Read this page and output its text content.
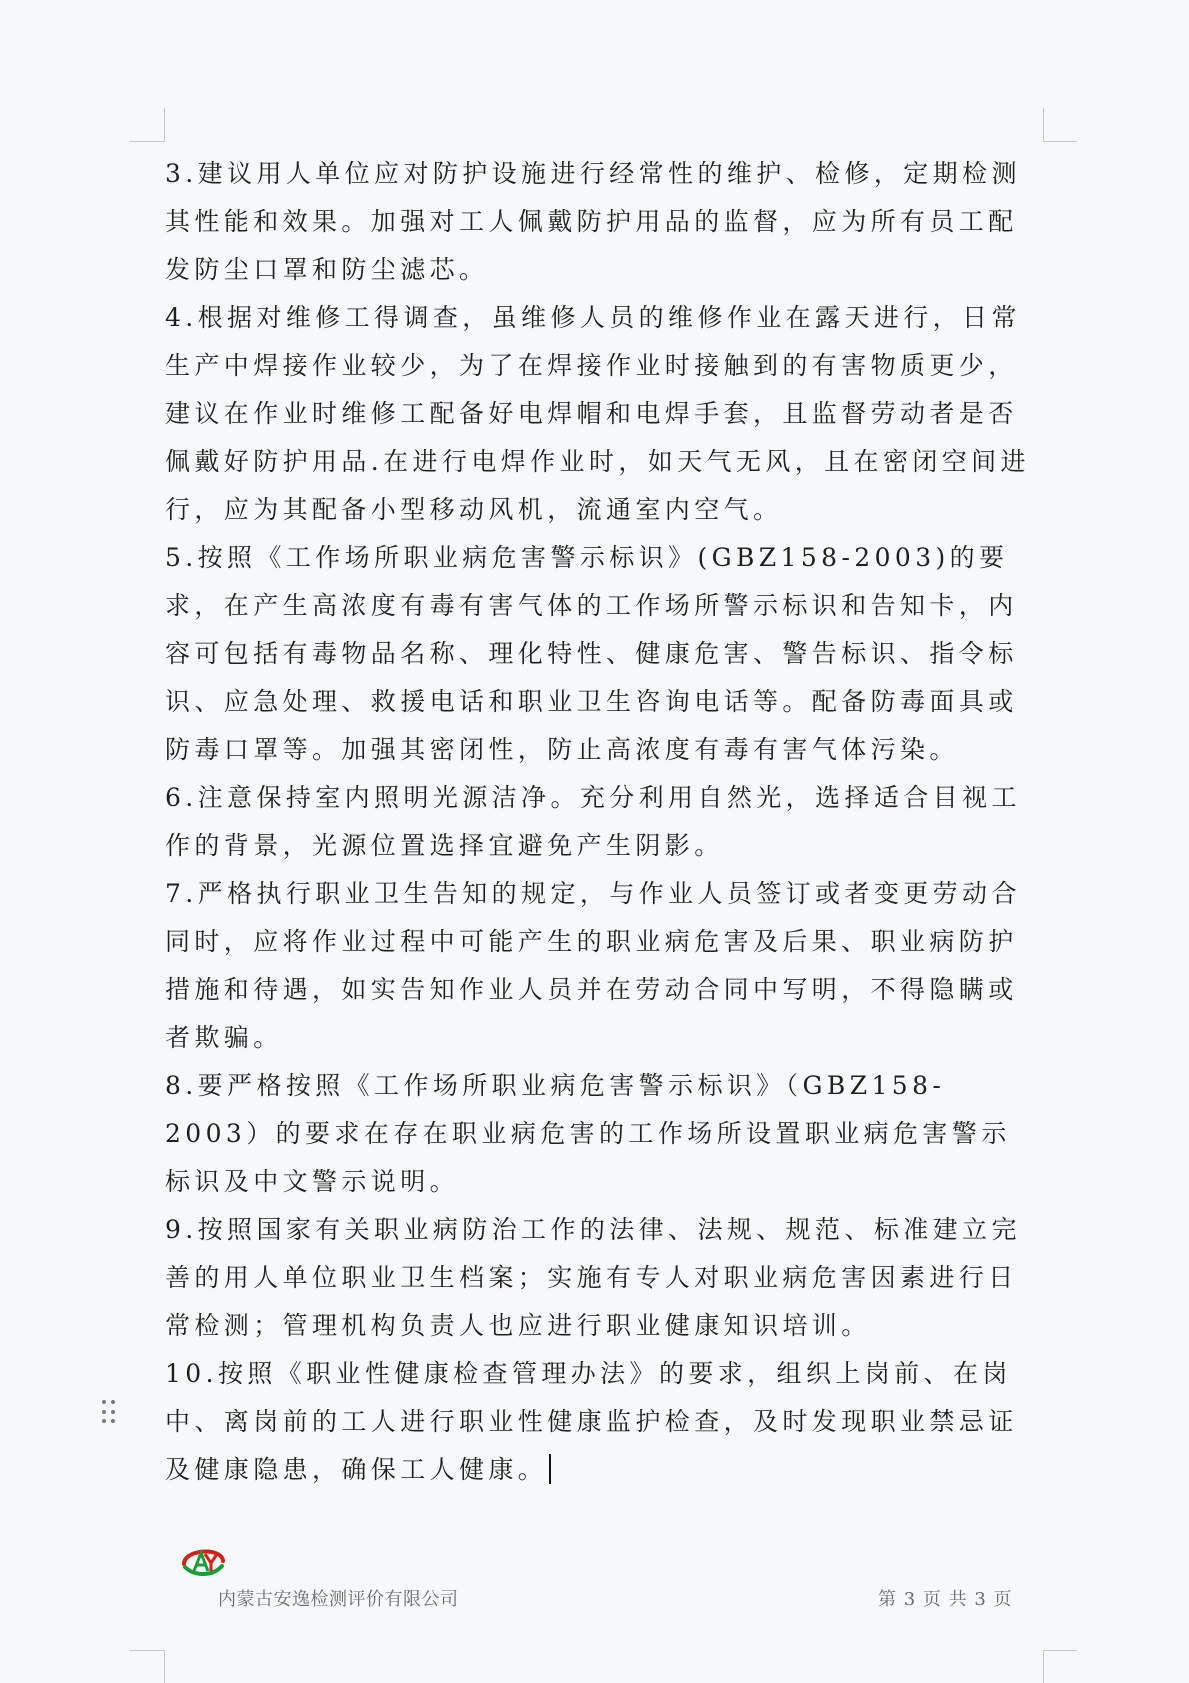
3.建议用人单位应对防护设施进行经常性的维护、检修，定期检测其性能和效果。加强对工人佩戴防护用品的监督，应为所有员工配发防尘口罩和防尘滤芯。

4.根据对维修工得调查，虽维修人员的维修作业在露天进行，日常生产中焊接作业较少，为了在焊接作业时接触到的有害物质更少，建议在作业时维修工配备好电焊帽和电焊手套，且监督劳动者是否佩戴好防护用品.在进行电焊作业时，如天气无风，且在密闭空间进行，应为其配备小型移动风机，流通室内空气。

5.按照《工作场所职业病危害警示标识》(GBZ158-2003)的要求，在产生高浓度有毒有害气体的工作场所警示标识和告知卡，内容可包括有毒物品名称、理化特性、健康危害、警告标识、指令标识、应急处理、救援电话和职业卫生咨询电话等。配备防毒面具或防毒口罩等。加强其密闭性，防止高浓度有毒有害气体污染。

6.注意保持室内照明光源洁净。充分利用自然光，选择适合目视工作的背景，光源位置选择宜避免产生阴影。

7.严格执行职业卫生告知的规定，与作业人员签订或者变更劳动合同时，应将作业过程中可能产生的职业病危害及后果、职业病防护措施和待遇，如实告知作业人员并在劳动合同中写明，不得隐瞒或者欺骗。

8.要严格按照《工作场所职业病危害警示标识》（GBZ158-2003）的要求在存在职业病危害的工作场所设置职业病危害警示标识及中文警示说明。

9.按照国家有关职业病防治工作的法律、法规、规范、标准建立完善的用人单位职业卫生档案；实施有专人对职业病危害因素进行日常检测；管理机构负责人也应进行职业健康知识培训。

10.按照《职业性健康检查管理办法》的要求，组织上岗前、在岗中、离岗前的工人进行职业性健康监护检查，及时发现职业禁忌证及健康隐患，确保工人健康。

内蒙古安逸检测评价有限公司	第 3 页 共 3 页
